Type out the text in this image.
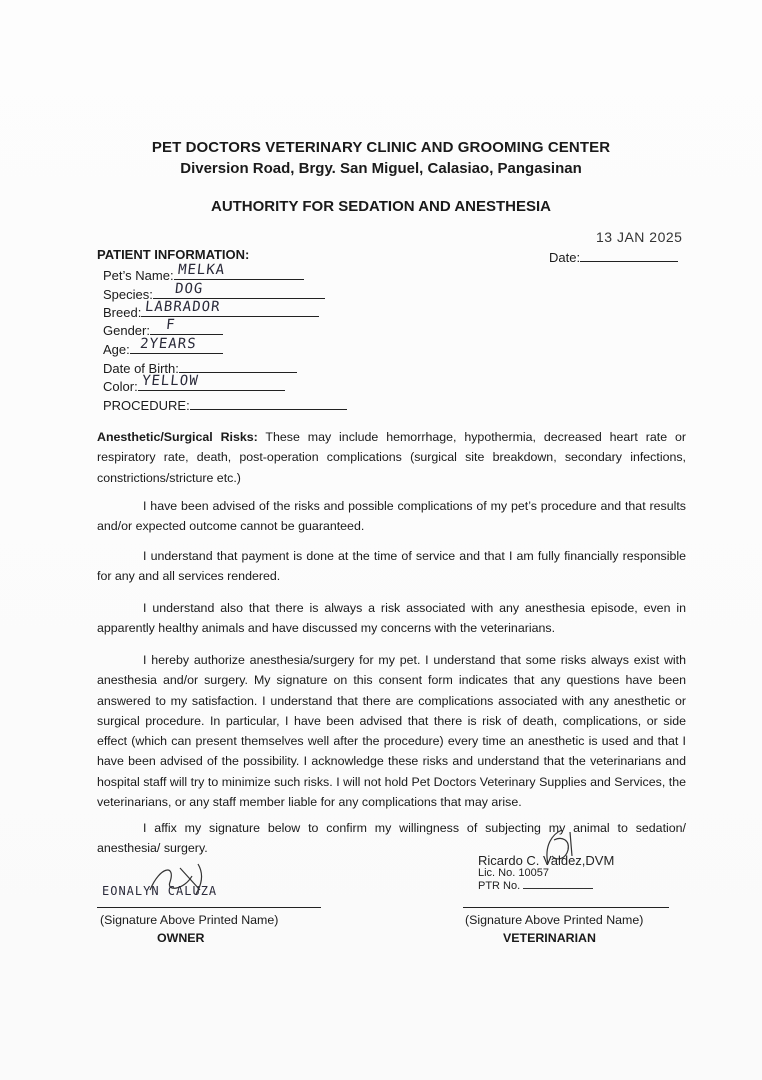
PET DOCTORS VETERINARY CLINIC AND GROOMING CENTER
Diversion Road, Brgy. San Miguel, Calasiao, Pangasinan
AUTHORITY FOR SEDATION AND ANESTHESIA
13 JAN 2025
Date:
PATIENT INFORMATION:
Pet’s Name: MELKA
Species: DOG
Breed: LABRADOR
Gender: F
Age: 2YEARS
Date of Birth:
Color: YELLOW
PROCEDURE:
Anesthetic/Surgical Risks: These may include hemorrhage, hypothermia, decreased heart rate or respiratory rate, death, post-operation complications (surgical site breakdown, secondary infections, constrictions/stricture etc.)
I have been advised of the risks and possible complications of my pet’s procedure and that results and/or expected outcome cannot be guaranteed.
I understand that payment is done at the time of service and that I am fully financially responsible for any and all services rendered.
I understand also that there is always a risk associated with any anesthesia episode, even in apparently healthy animals and have discussed my concerns with the veterinarians.
I hereby authorize anesthesia/surgery for my pet. I understand that some risks always exist with anesthesia and/or surgery. My signature on this consent form indicates that any questions have been answered to my satisfaction. I understand that there are complications associated with any anesthetic or surgical procedure. In particular, I have been advised that there is risk of death, complications, or side effect (which can present themselves well after the procedure) every time an anesthetic is used and that I have been advised of the possibility. I acknowledge these risks and understand that the veterinarians and hospital staff will try to minimize such risks. I will not hold Pet Doctors Veterinary Supplies and Services, the veterinarians, or any staff member liable for any complications that may arise.
I affix my signature below to confirm my willingness of subjecting my animal to sedation/ anesthesia/ surgery.
Ricardo C. Valdez,DVM
Lic. No. 10057
PTR No.
EONALYN CALUZA
(Signature Above Printed Name)
OWNER
(Signature Above Printed Name)
VETERINARIAN
